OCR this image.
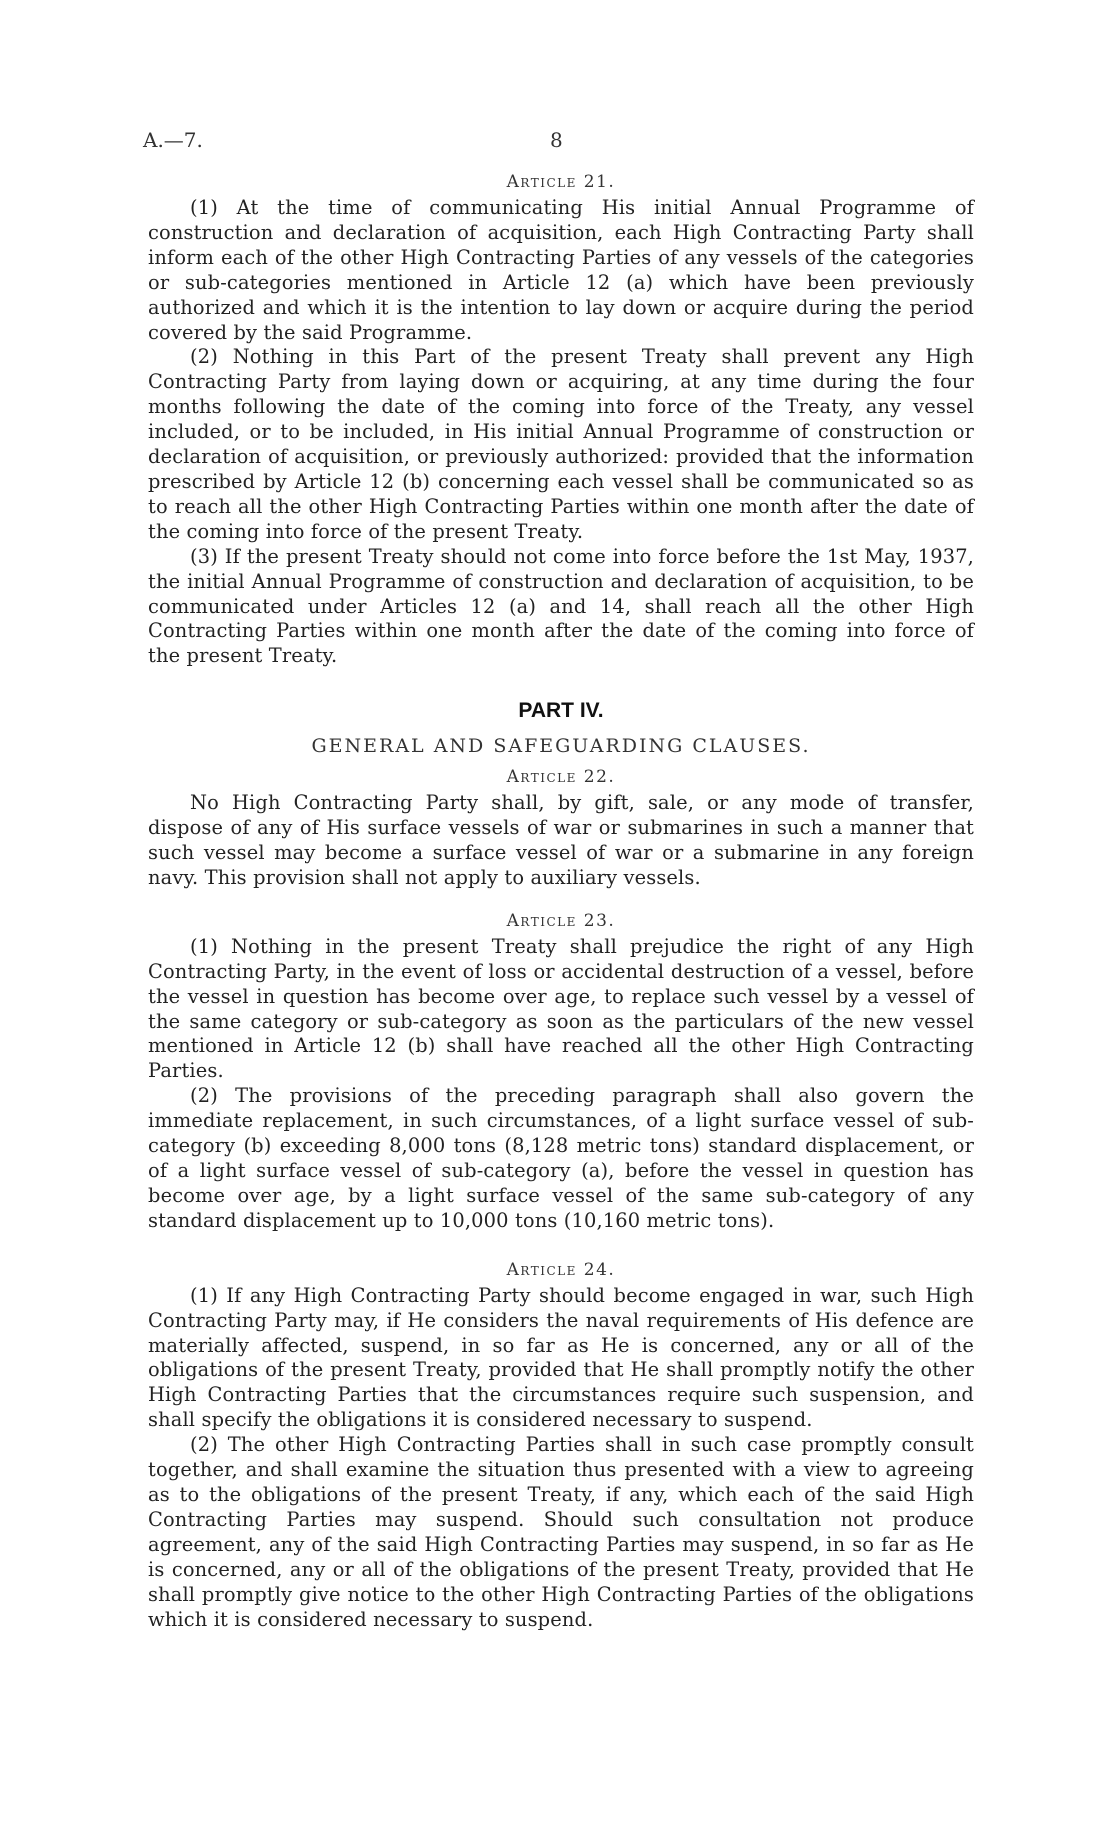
A.—7.	8
Article 21.

(1) At the time of communicating His initial Annual Programme of construction and declaration of acquisition, each High Contracting Party shall inform each of the other High Contracting Parties of any vessels of the categories or sub-categories mentioned in Article 12 (a) which have been previously authorized and which it is the intention to lay down or acquire during the period covered by the said Programme.

(2) Nothing in this Part of the present Treaty shall prevent any High Contracting Party from laying down or acquiring, at any time during the four months following the date of the coming into force of the Treaty, any vessel included, or to be included, in His initial Annual Programme of construction or declaration of acquisition, or previously authorized: provided that the information prescribed by Article 12 (b) concerning each vessel shall be communicated so as to reach all the other High Contracting Parties within one month after the date of the coming into force of the present Treaty.

(3) If the present Treaty should not come into force before the 1st May, 1937, the initial Annual Programme of construction and declaration of acquisition, to be communicated under Articles 12 (a) and 14, shall reach all the other High Contracting Parties within one month after the date of the coming into force of the present Treaty.

PART IV.
GENERAL AND SAFEGUARDING CLAUSES.
Article 22.

No High Contracting Party shall, by gift, sale, or any mode of transfer, dispose of any of His surface vessels of war or submarines in such a manner that such vessel may become a surface vessel of war or a submarine in any foreign navy. This provision shall not apply to auxiliary vessels.

Article 23.

(1) Nothing in the present Treaty shall prejudice the right of any High Contracting Party, in the event of loss or accidental destruction of a vessel, before the vessel in question has become over age, to replace such vessel by a vessel of the same category or sub-category as soon as the particulars of the new vessel mentioned in Article 12 (b) shall have reached all the other High Contracting Parties.

(2) The provisions of the preceding paragraph shall also govern the immediate replacement, in such circumstances, of a light surface vessel of sub-category (b) exceeding 8,000 tons (8,128 metric tons) standard displacement, or of a light surface vessel of sub-category (a), before the vessel in question has become over age, by a light surface vessel of the same sub-category of any standard displacement up to 10,000 tons (10,160 metric tons).

Article 24.

(1) If any High Contracting Party should become engaged in war, such High Contracting Party may, if He considers the naval requirements of His defence are materially affected, suspend, in so far as He is concerned, any or all of the obligations of the present Treaty, provided that He shall promptly notify the other High Contracting Parties that the circumstances require such suspension, and shall specify the obligations it is considered necessary to suspend.

(2) The other High Contracting Parties shall in such case promptly consult together, and shall examine the situation thus presented with a view to agreeing as to the obligations of the present Treaty, if any, which each of the said High Contracting Parties may suspend. Should such consultation not produce agreement, any of the said High Contracting Parties may suspend, in so far as He is concerned, any or all of the obligations of the present Treaty, provided that He shall promptly give notice to the other High Contracting Parties of the obligations which it is considered necessary to suspend.
